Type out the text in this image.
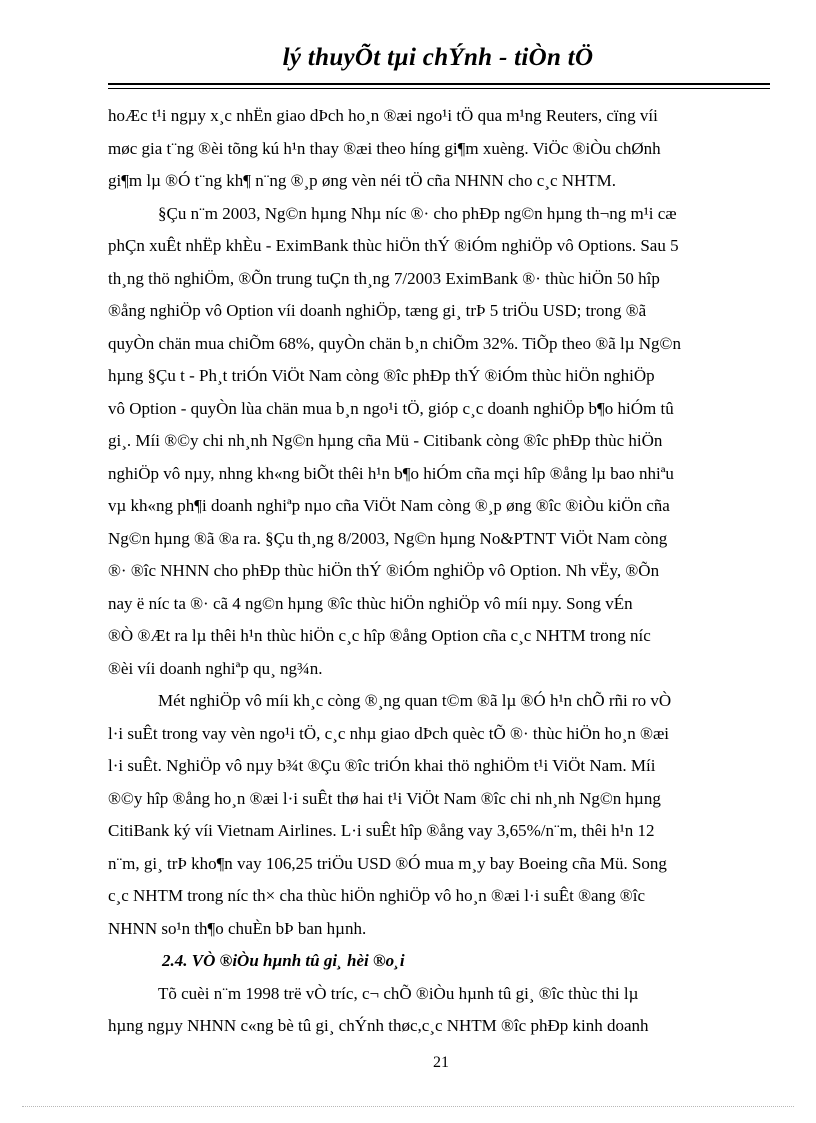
lý thuyÕt tµi chÝnh - tiÒn tÖ
hoÆc t¹i ngµy x¸c nhËn giao dÞch ho¸n ®æi ngo¹i tÖ qua m¹ng Reuters, cïng víi
møc gia t¨ng ®èi tõng kú h¹n thay ®æi theo híng gi¶m xuèng. ViÖc ®iÒu chØnh
gi¶m lµ ®Ó t¨ng kh¶ n¨ng ®¸p øng vèn néi tÖ cña NHNN cho c¸c NHTM.
§Çu n¨m 2003, Ng©n hµng Nhµ níc ®· cho phÐp ng©n hµng th¬ng m¹i cæ
phÇn xuÊt nhËp khÈu - EximBank thùc hiÖn thÝ ®iÓm nghiÖp vô Options. Sau 5
th¸ng thö nghiÖm, ®Õn trung tuÇn th¸ng 7/2003 EximBank ®· thùc hiÖn 50 hîp
®ång nghiÖp vô Option víi doanh nghiÖp, tæng gi¸ trÞ 5 triÖu USD; trong ®ã
quyÒn chän mua chiÕm 68%, quyÒn chän b¸n chiÕm 32%. TiÕp theo ®ã lµ Ng©n
hµng §Çu t - Ph¸t triÓn ViÖt Nam còng ®îc phÐp thÝ ®iÓm thùc hiÖn nghiÖp
vô Option - quyÒn lùa chän mua b¸n ngo¹i tÖ, gióp c¸c doanh nghiÖp b¶o hiÓm tû
gi¸. Míi ®©y chi nh¸nh Ng©n hµng cña Mü - Citibank còng ®îc phÐp thùc hiÖn
nghiÖp vô nµy, nhng kh«ng biÕt thêi h¹n b¶o hiÓm cña mçi hîp ®ång lµ bao nhiªu
vµ kh«ng ph¶i doanh nghiªp nµo cña ViÖt Nam còng ®¸p øng ®îc ®iÒu kiÖn cña
Ng©n hµng ®ã ®a ra. §Çu th¸ng 8/2003, Ng©n hµng No&PTNT ViÖt Nam còng
®· ®îc NHNN cho phÐp thùc hiÖn thÝ ®iÓm nghiÖp vô Option. Nh vËy, ®Õn
nay ë níc ta ®· cã 4 ng©n hµng ®îc thùc hiÖn nghiÖp vô míi nµy. Song vÉn
®Ò ®Æt ra lµ thêi h¹n thùc hiÖn c¸c hîp ®ång Option cña c¸c NHTM trong níc
®èi víi doanh nghiªp qu¸ ng¾n.
Mét nghiÖp vô míi kh¸c còng ®¸ng quan t©m ®ã lµ ®Ó h¹n chÕ rñi ro vÒ
l·i suÊt trong vay vèn ngo¹i tÖ, c¸c nhµ giao dÞch quèc tÕ ®· thùc hiÖn ho¸n ®æi
l·i suÊt. NghiÖp vô nµy b¾t ®Çu ®îc triÓn khai thö nghiÖm t¹i ViÖt Nam. Míi
®©y hîp ®ång ho¸n ®æi l·i suÊt thø hai t¹i ViÖt Nam ®îc chi nh¸nh Ng©n hµng
CitiBank ký víi Vietnam Airlines. L·i suÊt hîp ®ång vay 3,65%/n¨m, thêi h¹n 12
n¨m, gi¸ trÞ kho¶n vay 106,25 triÖu USD ®Ó mua m¸y bay Boeing cña Mü. Song
c¸c NHTM trong níc th× cha thùc hiÖn nghiÖp vô ho¸n ®æi l·i suÊt ®ang ®îc
NHNN so¹n th¶o chuÈn bÞ ban hµnh.
2.4. VÒ ®iÒu hµnh tû gi¸ hèi ®o¸i
Tõ cuèi n¨m 1998 trë vÒ tríc, c¬ chÕ ®iÒu hµnh tû gi¸ ®îc thùc thi lµ
hµng ngµy NHNN c«ng bè tû gi¸ chÝnh thøc,c¸c NHTM ®îc phÐp kinh doanh
21
